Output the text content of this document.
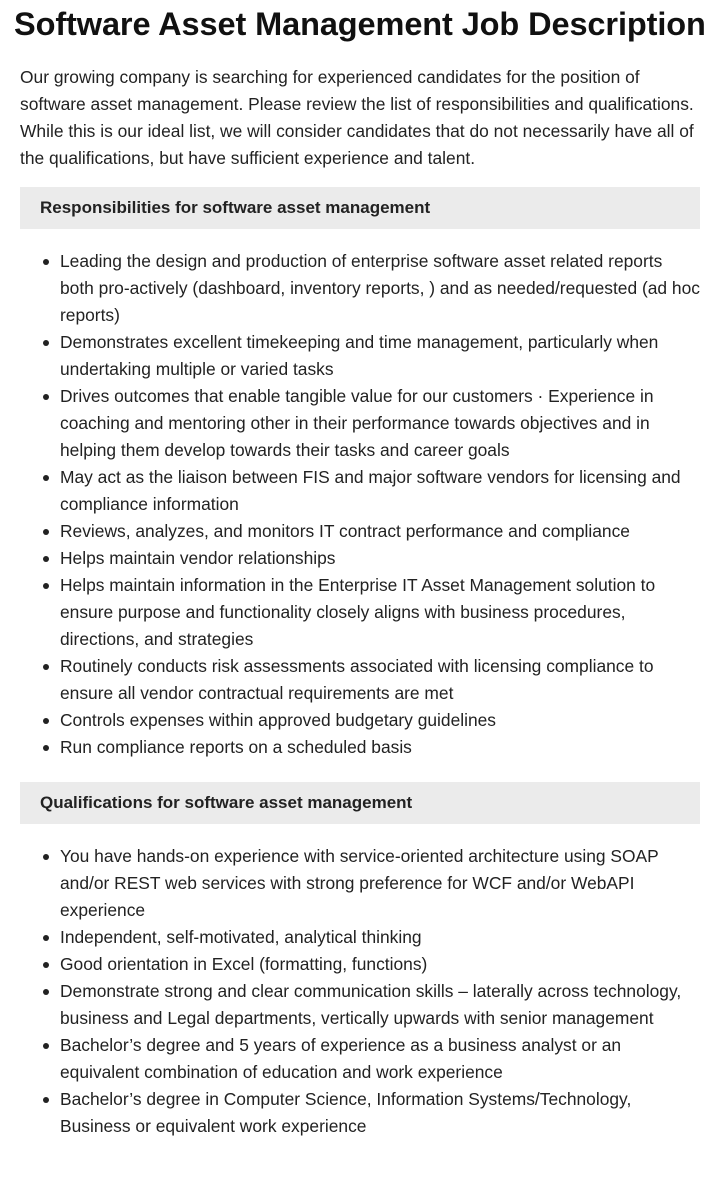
Software Asset Management Job Description

Our growing company is searching for experienced candidates for the position of software asset management. Please review the list of responsibilities and qualifications. While this is our ideal list, we will consider candidates that do not necessarily have all of the qualifications, but have sufficient experience and talent.

Responsibilities for software asset management
Leading the design and production of enterprise software asset related reports both pro-actively (dashboard, inventory reports, ) and as needed/requested (ad hoc reports)
Demonstrates excellent timekeeping and time management, particularly when undertaking multiple or varied tasks
Drives outcomes that enable tangible value for our customers · Experience in coaching and mentoring other in their performance towards objectives and in helping them develop towards their tasks and career goals
May act as the liaison between FIS and major software vendors for licensing and compliance information
Reviews, analyzes, and monitors IT contract performance and compliance
Helps maintain vendor relationships
Helps maintain information in the Enterprise IT Asset Management solution to ensure purpose and functionality closely aligns with business procedures, directions, and strategies
Routinely conducts risk assessments associated with licensing compliance to ensure all vendor contractual requirements are met
Controls expenses within approved budgetary guidelines
Run compliance reports on a scheduled basis
Qualifications for software asset management
You have hands-on experience with service-oriented architecture using SOAP and/or REST web services with strong preference for WCF and/or WebAPI experience
Independent, self-motivated, analytical thinking
Good orientation in Excel (formatting, functions)
Demonstrate strong and clear communication skills – laterally across technology, business and Legal departments, vertically upwards with senior management
Bachelor’s degree and 5 years of experience as a business analyst or an equivalent combination of education and work experience
Bachelor’s degree in Computer Science, Information Systems/Technology, Business or equivalent work experience
